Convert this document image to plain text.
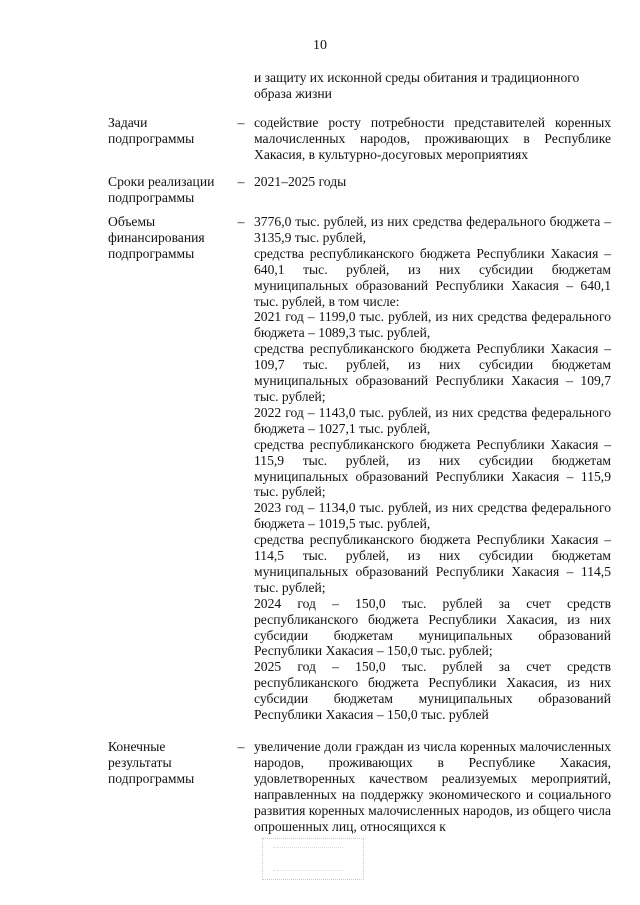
10

и защиту их исконной среды обитания и традиционного

образа жизни

Задачи подпрограммы
– содействие росту потребности представителей коренных малочисленных народов, проживающих в Республике Хакасия, в культурно-досуговых мероприятиях

Сроки реализации подпрограммы
– 2021–2025 годы

Объемы финансирования подпрограммы
– 3776,0 тыс. рублей, из них средства федерального бюджета – 3135,9 тыс. рублей,

средства республиканского бюджета Республики Хакасия – 640,1 тыс. рублей, из них субсидии бюджетам муниципальных образований Республики Хакасия – 640,1 тыс. рублей, в том числе:

2021 год – 1199,0 тыс. рублей, из них средства федерального бюджета – 1089,3 тыс. рублей,

средства республиканского бюджета Республики Хакасия – 109,7 тыс. рублей, из них субсидии бюджетам муниципальных образований Республики Хакасия – 109,7 тыс. рублей;

2022 год – 1143,0 тыс. рублей, из них средства федерального бюджета – 1027,1 тыс. рублей,

средства республиканского бюджета Республики Хакасия – 115,9 тыс. рублей, из них субсидии бюджетам муниципальных образований Республики Хакасия – 115,9 тыс. рублей;

2023 год – 1134,0 тыс. рублей, из них средства федерального бюджета – 1019,5 тыс. рублей,

средства республиканского бюджета Республики Хакасия – 114,5 тыс. рублей, из них субсидии бюджетам муниципальных образований Республики Хакасия – 114,5 тыс. рублей;

2024 год – 150,0 тыс. рублей за счет средств республиканского бюджета Республики Хакасия, из них субсидии бюджетам муниципальных образований Республики Хакасия – 150,0 тыс. рублей;

2025 год – 150,0 тыс. рублей за счет средств республиканского бюджета Республики Хакасия, из них субсидии бюджетам муниципальных образований Республики Хакасия – 150,0 тыс. рублей

Конечные результаты подпрограммы
– увеличение доли граждан из числа коренных малочисленных народов, проживающих в Республике Хакасия, удовлетворенных качеством реализуемых мероприятий, направленных на поддержку экономического и социального развития коренных малочисленных народов, из общего числа опрошенных лиц, относящихся к
